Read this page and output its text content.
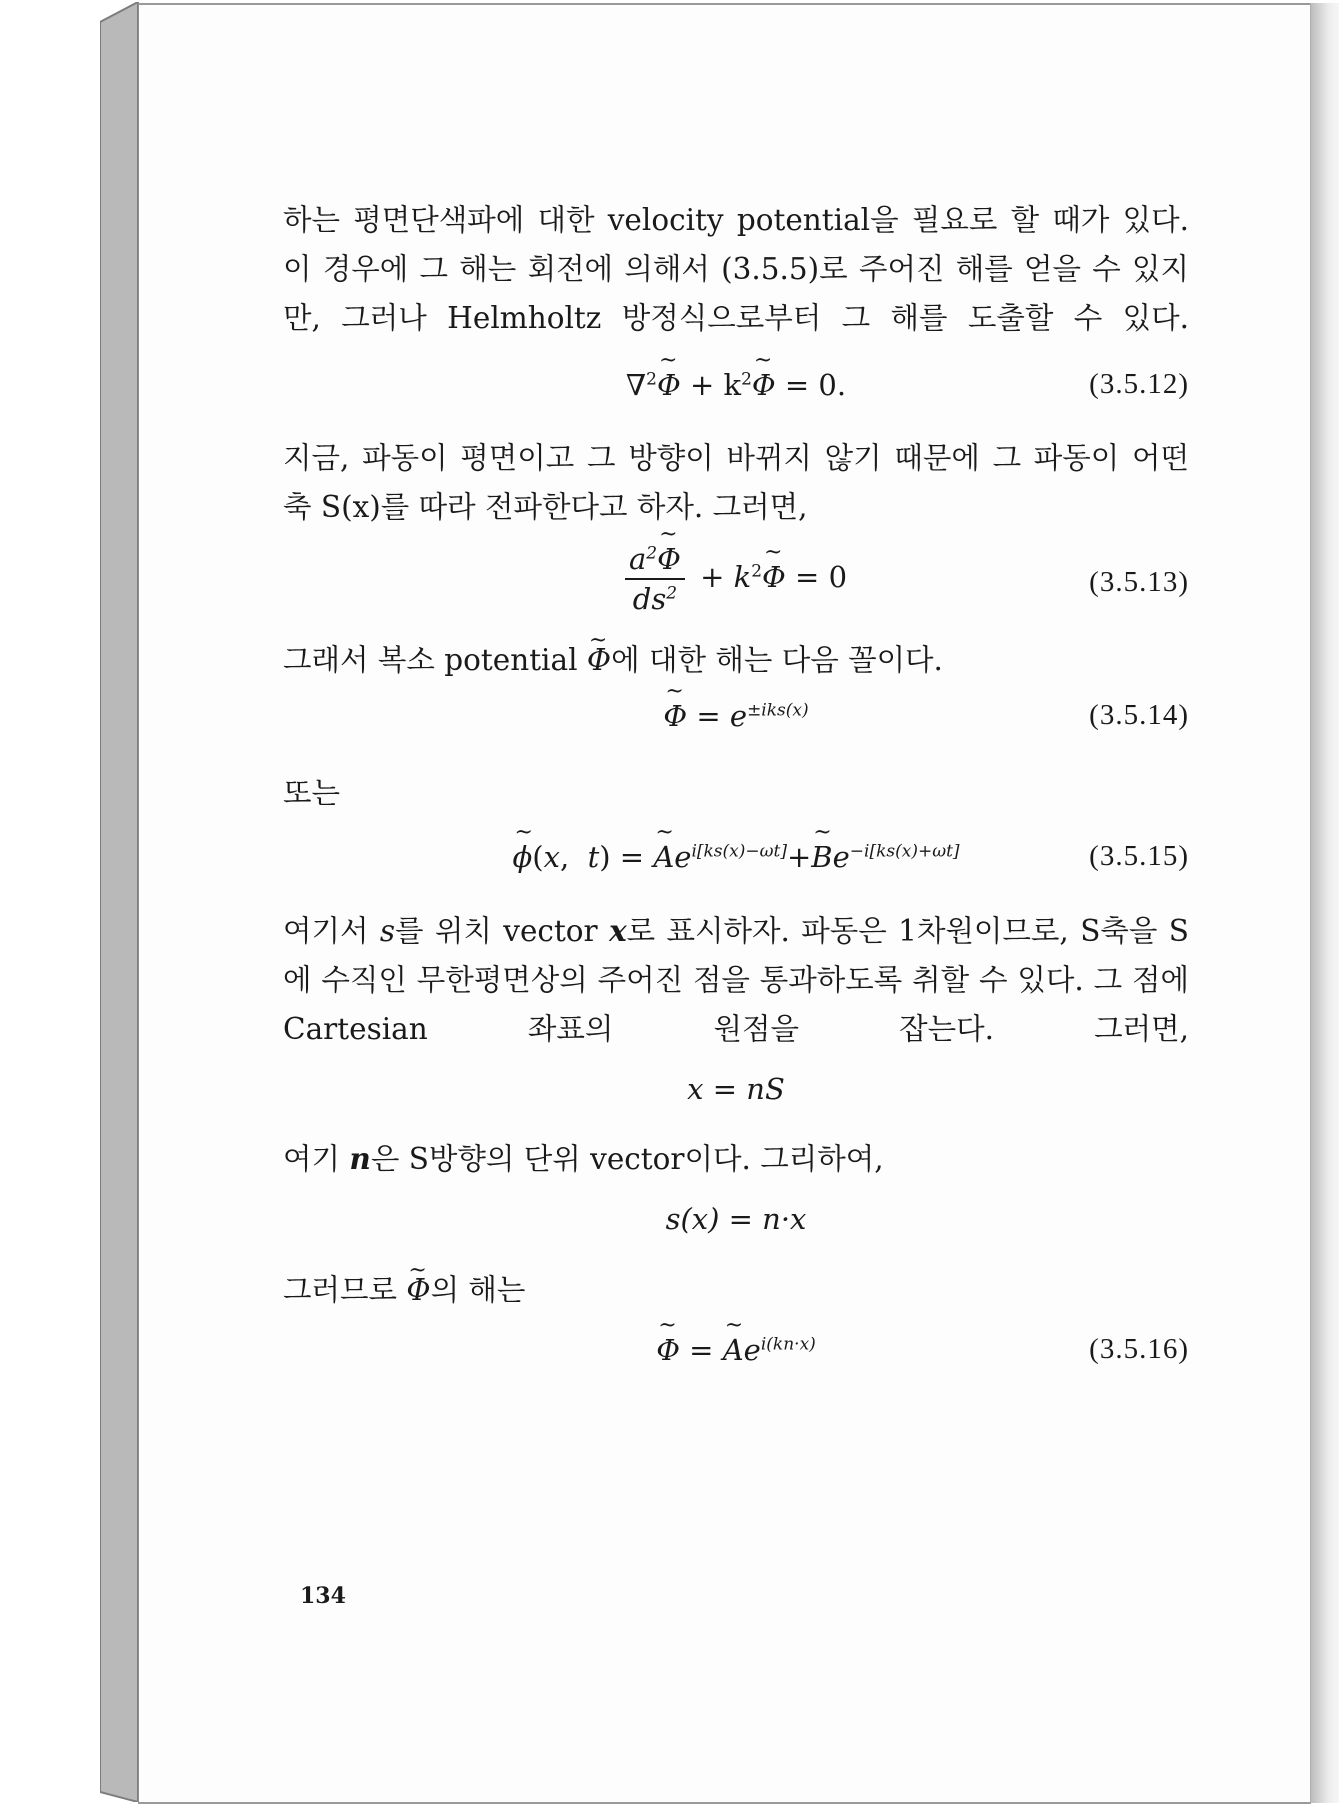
하는 평면단색파에 대한 velocity potential을 필요로 할 때가 있다. 이 경우에 그 해는 회전에 의해서 (3.5.5)로 주어진 해를 얻을 수 있지만, 그러나 Helmholtz 방정식으로부터 그 해를 도출할 수 있다.

∇$^2$~ $\Phi + k^2\sim$ Φ = 0.	(3.5.12)

지금, 파동이 평면이고 그 방향이 바뀌지 않기 때문에 그 파동이 어떤 축 S(x)를 따라 전파한다고 하자. 그러면,

$\frac{a^2\sim \Phi}{ds^2}$ + $k^2\sim$ Φ = 0	(3.5.13)

그래서 복소 potential ~ Φ에 대한 해는 다음 꼴이다.

~ $\Phi = e^{\pm iks(x)}$	(3.5.14)

또는

~ ϕ(x,  t) = ~ $Ae^{i[ks(x)-\omega t]}+\sim$ $Be^{-i[ks(x)+\omega t]}$	(3.5.15)

여기서 s를 위치 vector x로 표시하자. 파동은 1차원이므로, S축을 S에 수직인 무한평면상의 주어진 점을 통과하도록 취할 수 있다. 그 점에 Cartesian 좌표의 원점을 잡는다. 그러면,

x = nS

여기 n은 S방향의 단위 vector이다. 그리하여,

s(x) = n·x

그러므로 ~ Φ의 해는

~ Φ = ~ $Ae^{i(kn\cdot x)}$	(3.5.16)
134
